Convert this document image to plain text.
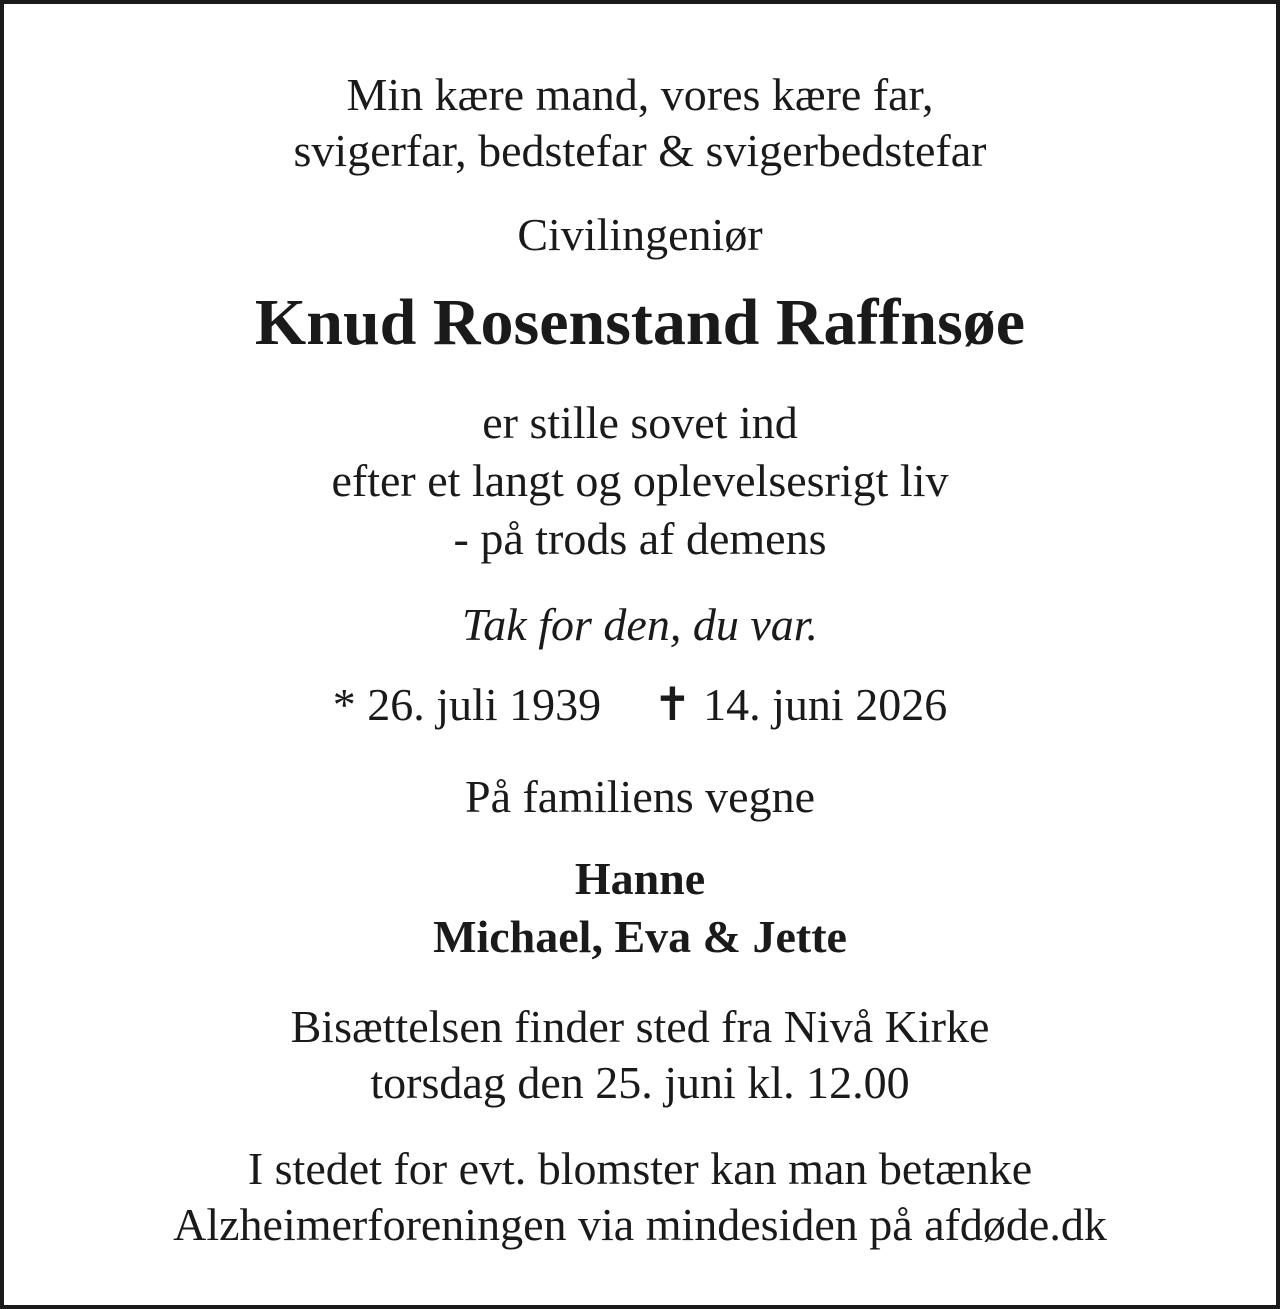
Min kære mand, vores kære far,

svigerfar, bedstefar & svigerbedstefar

Civilingeniør

Knud Rosenstand Raffnsøe

er stille sovet ind

efter et langt og oplevelsesrigt liv

- på trods af demens

Tak for den, du var.

* 26. juli 1939 ✝ 14. juni 2026

På familiens vegne

Hanne

Michael, Eva & Jette

Bisættelsen finder sted fra Nivå Kirke

torsdag den 25. juni kl. 12.00

I stedet for evt. blomster kan man betænke

Alzheimerforeningen via mindesiden på afdøde.dk
